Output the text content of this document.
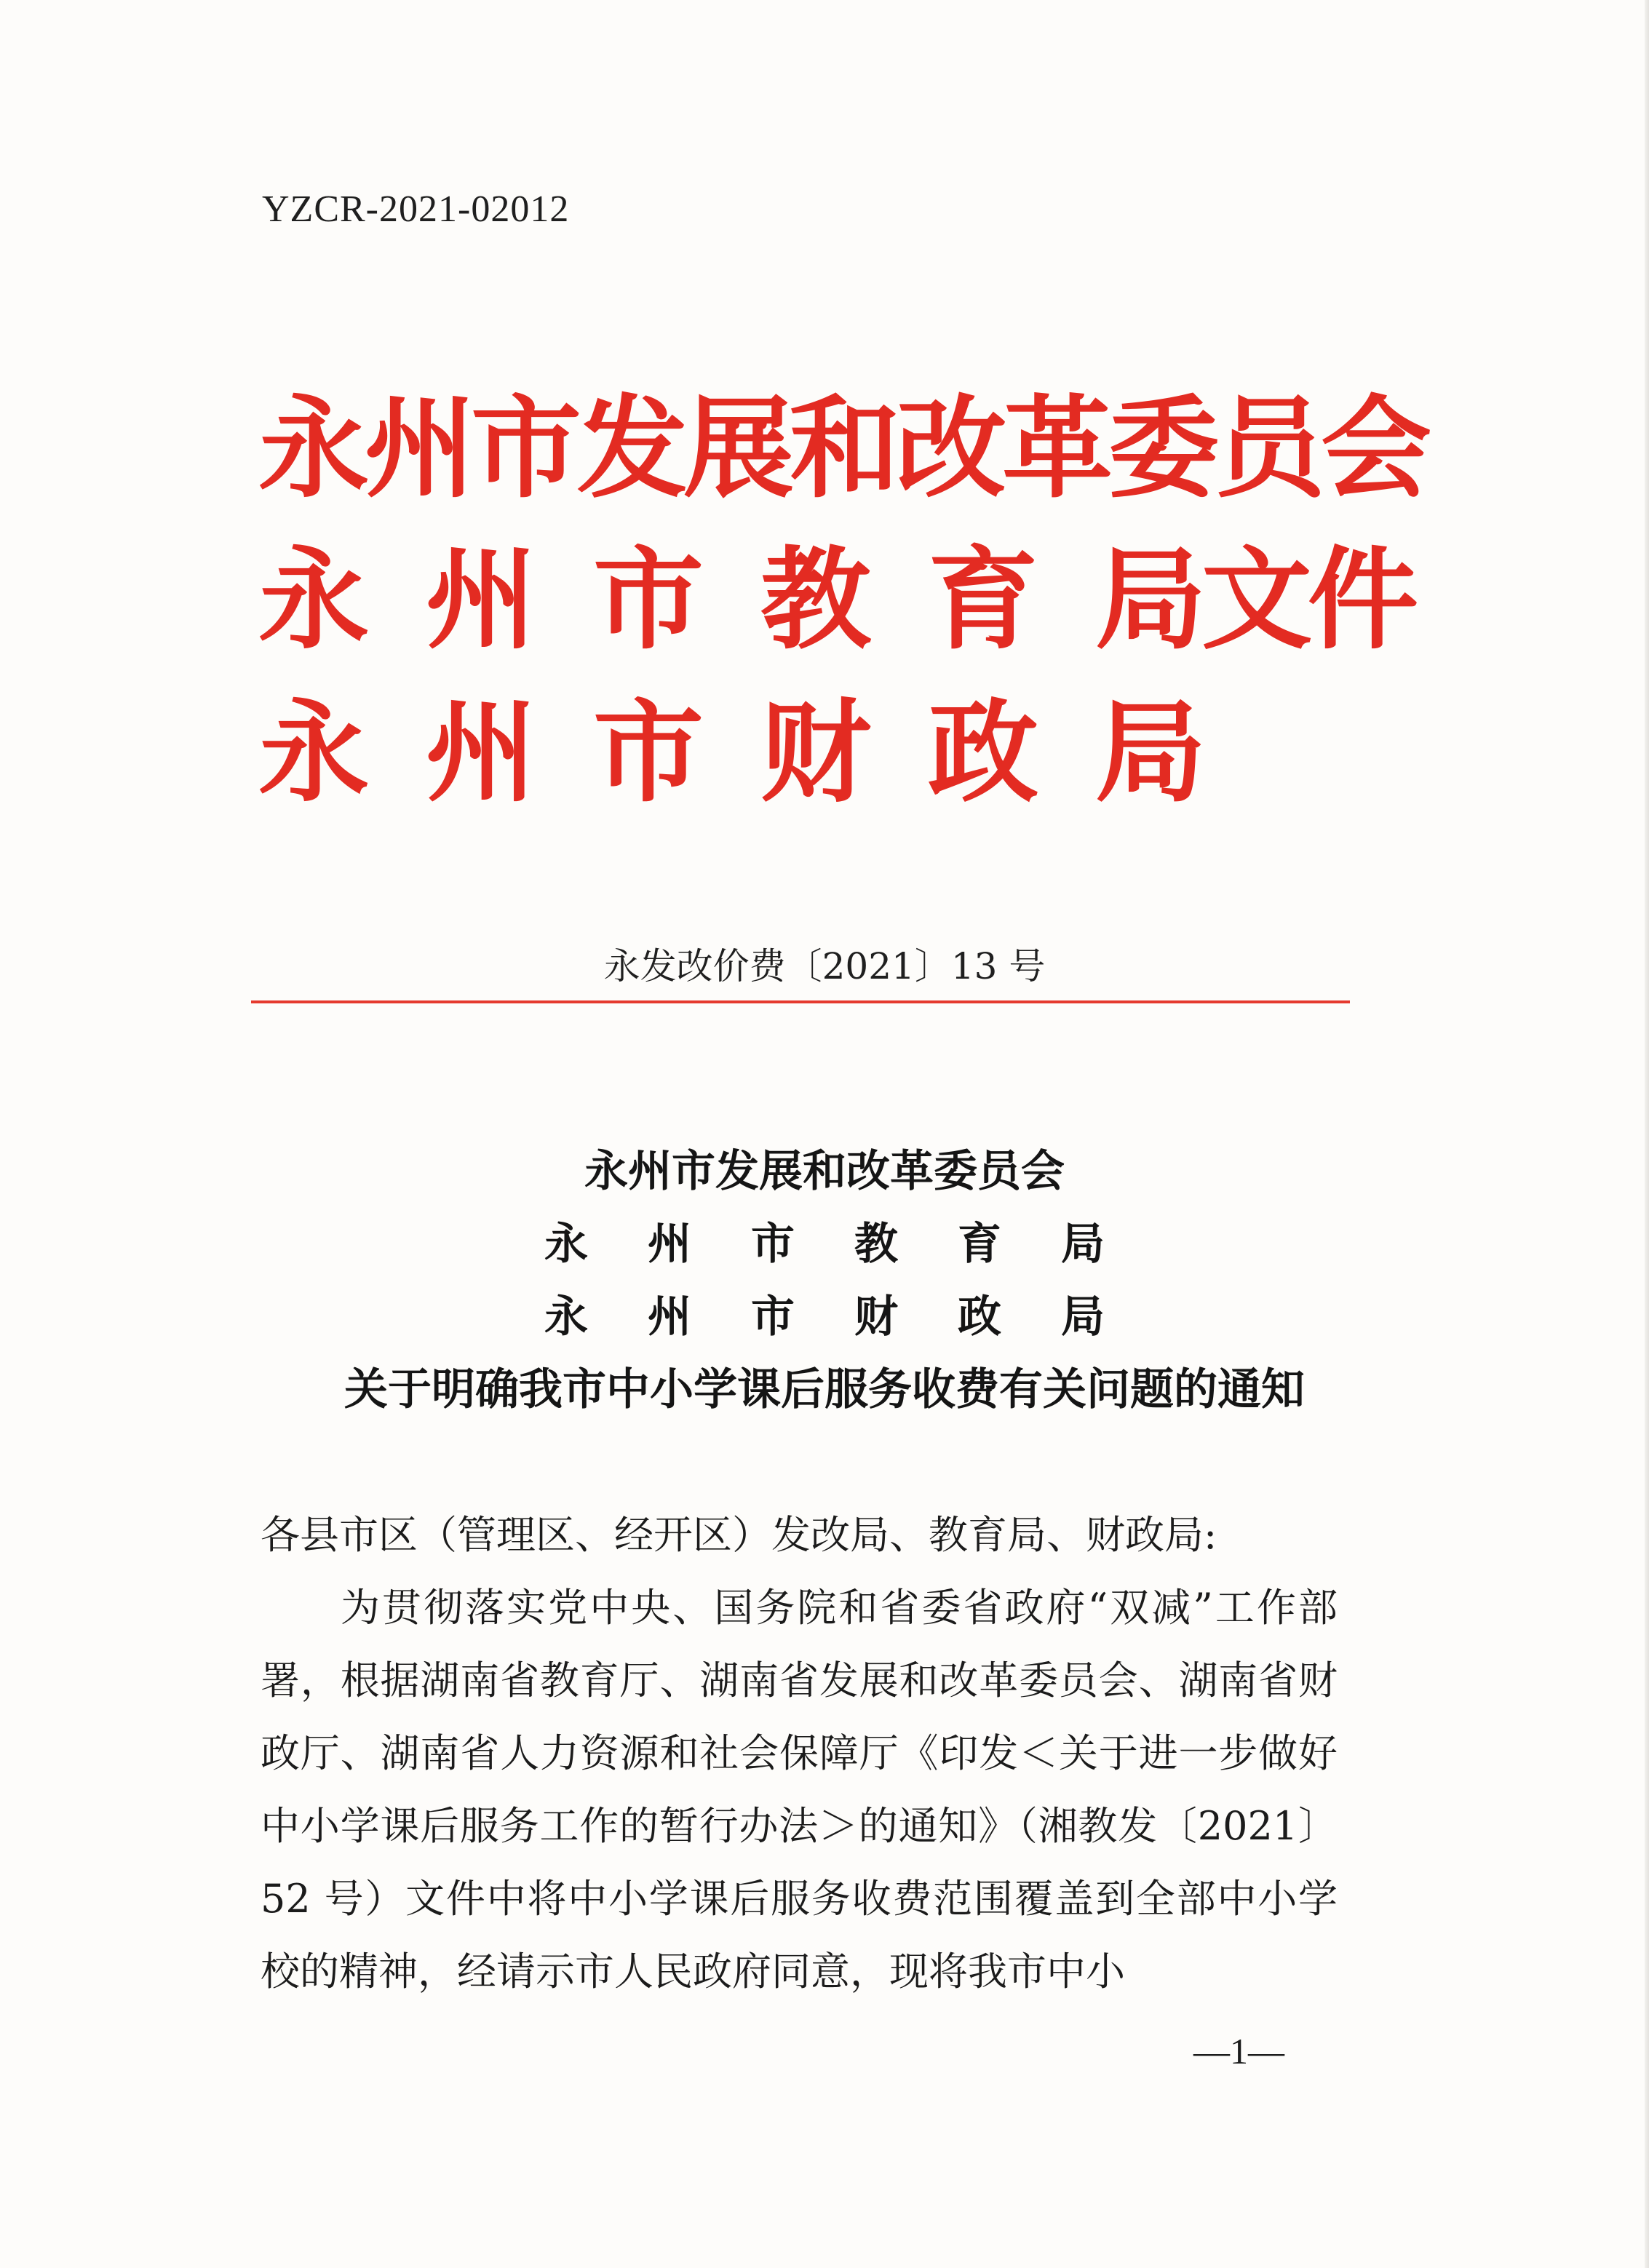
YZCR-2021-02012
永州市发展和改革委员会
永 州 市 教 育 局文件
永 州 市 财 政 局
永发改价费〔2021〕13 号
永州市发展和改革委员会
永 州 市 教 育 局
永 州 市 财 政 局
关于明确我市中小学课后服务收费有关问题的通知

各县市区（管理区、经开区）发改局、教育局、财政局:

为贯彻落实党中央、国务院和省委省政府“双减”工作部署，根据湖南省教育厅、湖南省发展和改革委员会、湖南省财政厅、湖南省人力资源和社会保障厅《印发＜关于进一步做好中小学课后服务工作的暂行办法＞的通知》（湘教发〔2021〕52 号）文件中将中小学课后服务收费范围覆盖到全部中小学校的精神，经请示市人民政府同意，现将我市中小

—1—
